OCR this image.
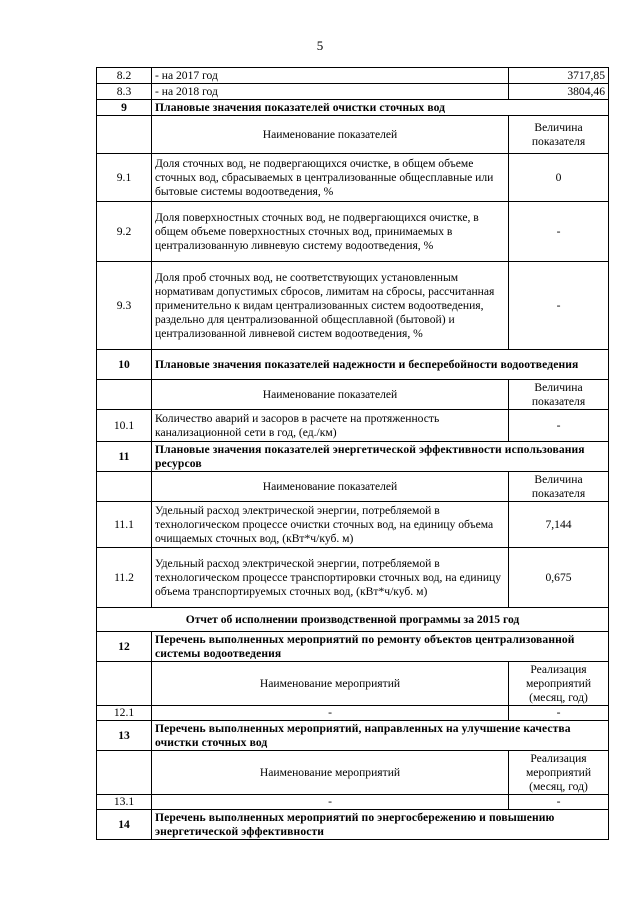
5
8.2	- на 2017 год	3717,85
8.3	- на 2018 год	3804,46
9	Плановые значения показателей очистки сточных вод	
	Наименование показателей	Величина показателя
9.1	Доля сточных вод, не подвергающихся очистке, в общем объеме сточных вод, сбрасываемых в централизованные общесплавные или бытовые системы водоотведения, %	0
9.2	Доля поверхностных сточных вод, не подвергающихся очистке, в общем объеме поверхностных сточных вод, принимаемых в централизованную ливневую систему водоотведения, %	-
9.3	Доля проб сточных вод, не соответствующих установленным нормативам допустимых сбросов, лимитам на сбросы, рассчитанная применительно к видам централизованных систем водоотведения, раздельно для централизованной общесплавной (бытовой) и централизованной ливневой систем водоотведения, %	-
10	Плановые значения показателей надежности и бесперебойности водоотведения	
	Наименование показателей	Величина показателя
10.1	Количество аварий и засоров в расчете на протяженность канализационной сети в год, (ед./км)	-
11	Плановые значения показателей энергетической эффективности использования ресурсов	
	Наименование показателей	Величина показателя
11.1	Удельный расход электрической энергии, потребляемой в технологическом процессе очистки сточных вод, на единицу объема очищаемых сточных вод, (кВт*ч/куб. м)	7,144
11.2	Удельный расход электрической энергии, потребляемой в технологическом процессе транспортировки сточных вод, на единицу объема транспортируемых сточных вод, (кВт*ч/куб. м)	0,675
Отчет об исполнении производственной программы за 2015 год		
12	Перечень выполненных мероприятий по ремонту объектов централизованной системы водоотведения	
	Наименование мероприятий	Реализация мероприятий (месяц, год)
12.1	-	-
13	Перечень выполненных мероприятий, направленных на улучшение качества очистки сточных вод	
	Наименование мероприятий	Реализация мероприятий (месяц, год)
13.1	-	-
14	Перечень выполненных мероприятий по энергосбережению и повышению энергетической эффективности	
